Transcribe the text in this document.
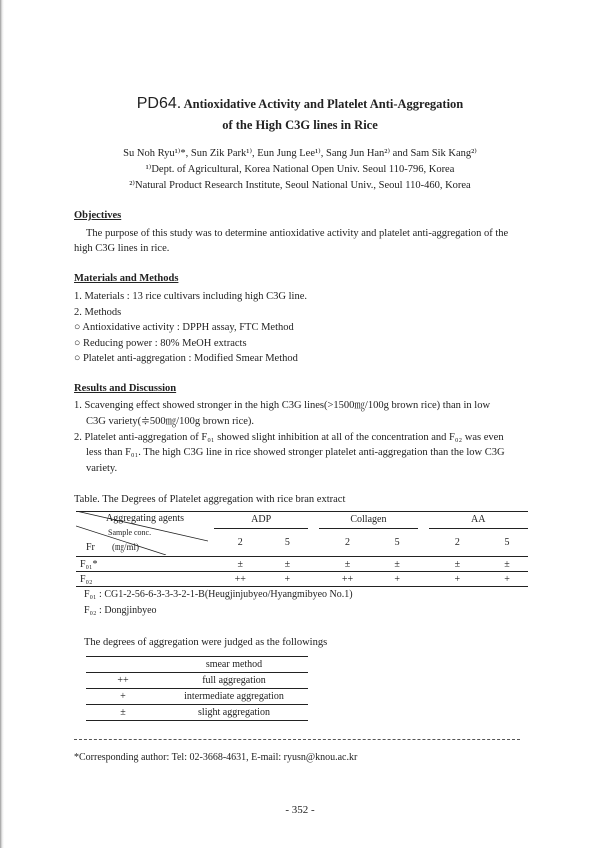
PD64. Antioxidative Activity and Platelet Anti-Aggregation
of the High C3G lines in Rice
Su Noh Ryu¹⁾*, Sun Zik Park¹⁾, Eun Jung Lee¹⁾, Sang Jun Han²⁾ and Sam Sik Kang²⁾
¹⁾Dept. of Agricultural, Korea National Open Univ. Seoul 110-796, Korea
²⁾Natural Product Research Institute, Seoul National Univ., Seoul 110-460, Korea
Objectives
The purpose of this study was to determine antioxidative activity and platelet anti-aggregation of the
high C3G lines in rice.
Materials and Methods
1. Materials : 13 rice cultivars including high C3G line.
2. Methods
○ Antioxidative activity : DPPH assay, FTC Method
○ Reducing power : 80% MeOH extracts
○ Platelet anti-aggregation : Modified Smear Method
Results and Discussion
1. Scavenging effect showed stronger in the high C3G lines(>1500㎎/100g brown rice) than in low
C3G variety(≑500㎎/100g brown rice).
2. Platelet anti-aggregation of F₀₁ showed slight inhibition at all of the concentration and F₀₂ was even
less than F₀₁. The high C3G line in rice showed stronger platelet anti-aggregation than the low C3G
variety.
Table. The Degrees of Platelet aggregation with rice bran extract
Aggregating agents
Sample conc.
(㎎/ml)
Fr
	ADP			Collagen			AA	
	2	5		2	5		2	5
F₀₁*	±	±		±	±		±	±
F₀₂	++	+		++	+		+	+
F₀₁ : CG1-2-56-6-3-3-3-2-1-B(Heugjinjubyeo/Hyangmibyeo No.1)
F₀₂ : Dongjinbyeo
The degrees of aggregation were judged as the followings
	smear method
++	full aggregation
+	intermediate aggregation
±	slight aggregation
*Corresponding author: Tel: 02-3668-4631, E-mail: ryusn@knou.ac.kr
- 352 -
